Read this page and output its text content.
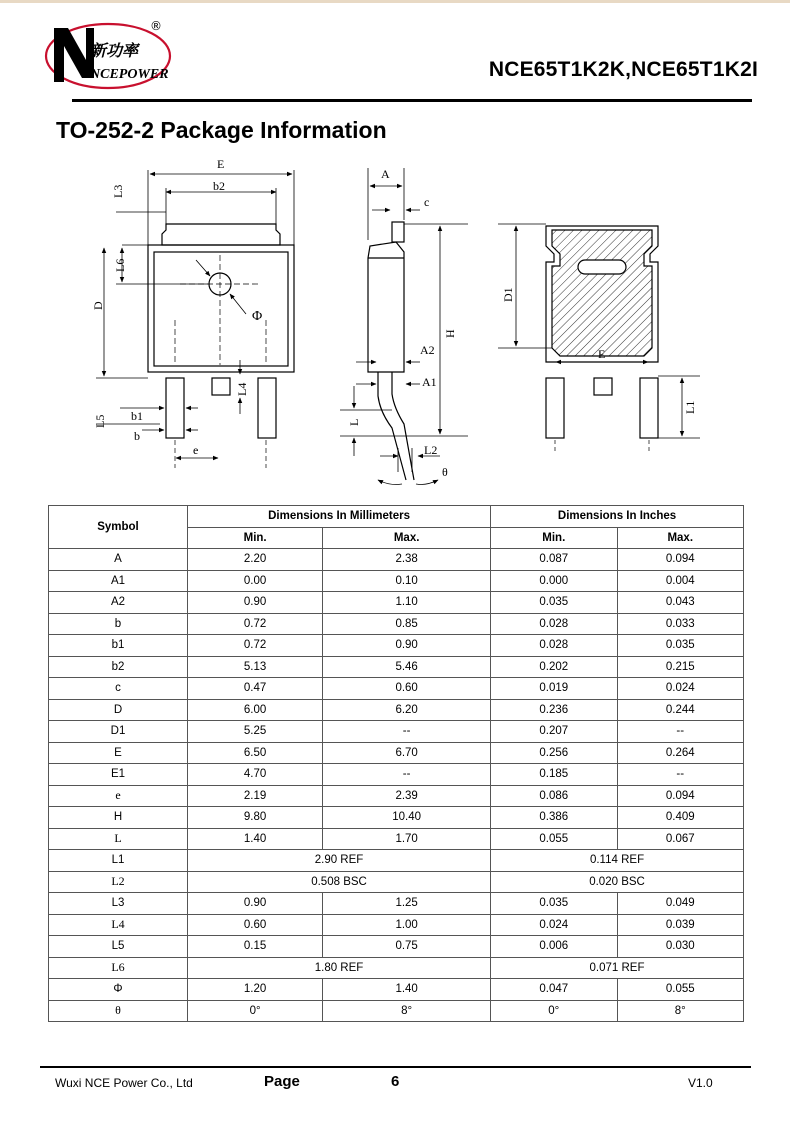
新功率
NCEPOWER
®
NCE65T1K2K,NCE65T1K2I
TO-252-2 Package Information
E
b2
Φ
b1
b
e
L3
L6
D
L4
L5
A
c
A2
A1
H
L
L2
θ
D1
E
L1
Symbol	Dimensions In Millimeters		Dimensions In Inches	
	Min.	Max.	Min.	Max.
A	2.20	2.38	0.087	0.094
A1	0.00	0.10	0.000	0.004
A2	0.90	1.10	0.035	0.043
b	0.72	0.85	0.028	0.033
b1	0.72	0.90	0.028	0.035
b2	5.13	5.46	0.202	0.215
c	0.47	0.60	0.019	0.024
D	6.00	6.20	0.236	0.244
D1	5.25	--	0.207	--
E	6.50	6.70	0.256	0.264
E1	4.70	--	0.185	--
e	2.19	2.39	0.086	0.094
H	9.80	10.40	0.386	0.409
L	1.40	1.70	0.055	0.067
L1	2.90 REF		0.114 REF	
L2	0.508 BSC		0.020 BSC	
L3	0.90	1.25	0.035	0.049
L4	0.60	1.00	0.024	0.039
L5	0.15	0.75	0.006	0.030
L6	1.80 REF		0.071 REF	
Φ	1.20	1.40	0.047	0.055
θ	0°	8°	0°	8°
Wuxi NCE Power Co., Ltd	Page	6	V1.0
